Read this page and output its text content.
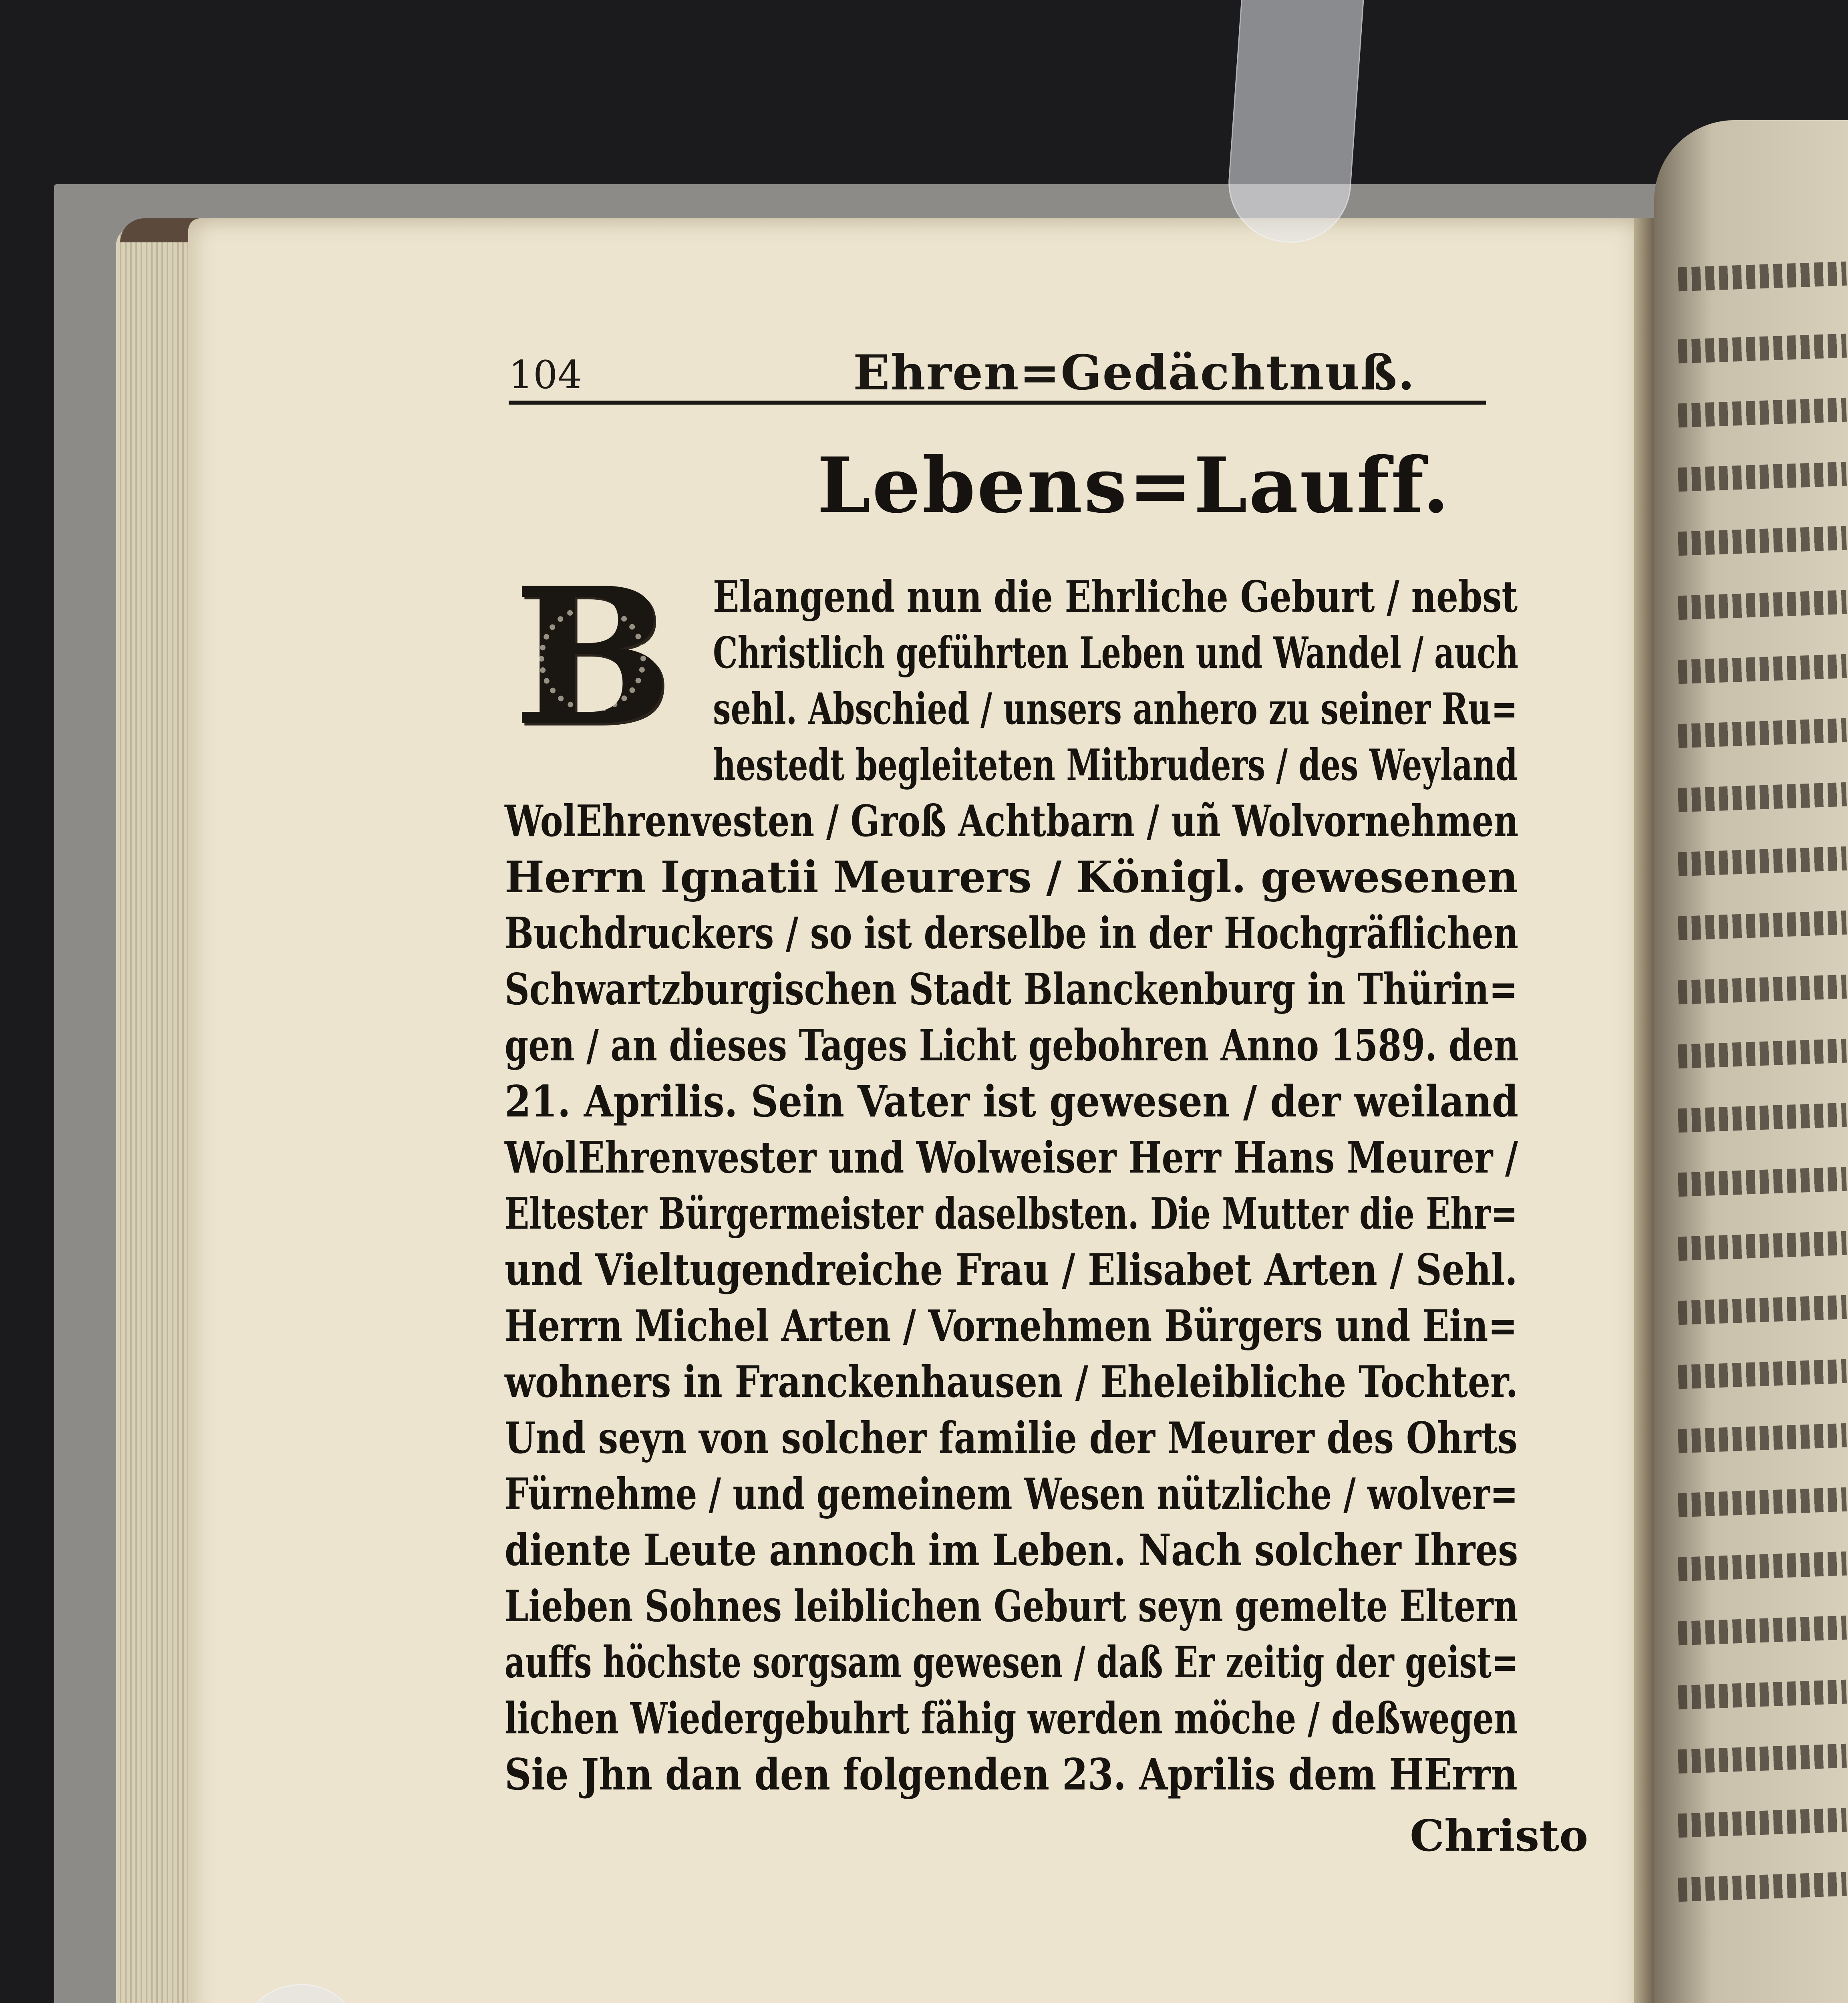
104	Ehren=Gedächtnuß.
Lebens=Lauff.
B Elangend nun die Ehrliche Geburt / nebst
Christlich geführten Leben und Wandel / auch
sehl. Abschied / unsers anhero zu seiner Ru=
hestedt begleiteten Mitbruders / des Weyland
WolEhrenvesten / Groß Achtbarn / uñ Wolvornehmen
Herrn Ignatii Meurers / Königl. gewesenen
Buchdruckers / so ist derselbe in der Hochgräflichen
Schwartzburgischen Stadt Blanckenburg in Thürin=
gen / an dieses Tages Licht gebohren Anno 1589. den
21. Aprilis. Sein Vater ist gewesen / der weiland
WolEhrenvester und Wolweiser Herr Hans Meurer /
Eltester Bürgermeister daselbsten. Die Mutter die Ehr=
und Vieltugendreiche Frau / Elisabet Arten / Sehl.
Herrn Michel Arten / Vornehmen Bürgers und Ein=
wohners in Franckenhausen / Eheleibliche Tochter.
Und seyn von solcher familie der Meurer des Ohrts
Fürnehme / und gemeinem Wesen nützliche / wolver=
diente Leute annoch im Leben. Nach solcher Ihres
Lieben Sohnes leiblichen Geburt seyn gemelte Eltern
auffs höchste sorgsam gewesen / daß Er zeitig der geist=
lichen Wiedergebuhrt fähig werden möche / deßwegen
Sie Jhn dan den folgenden 23. Aprilis dem HErrn
Christo
